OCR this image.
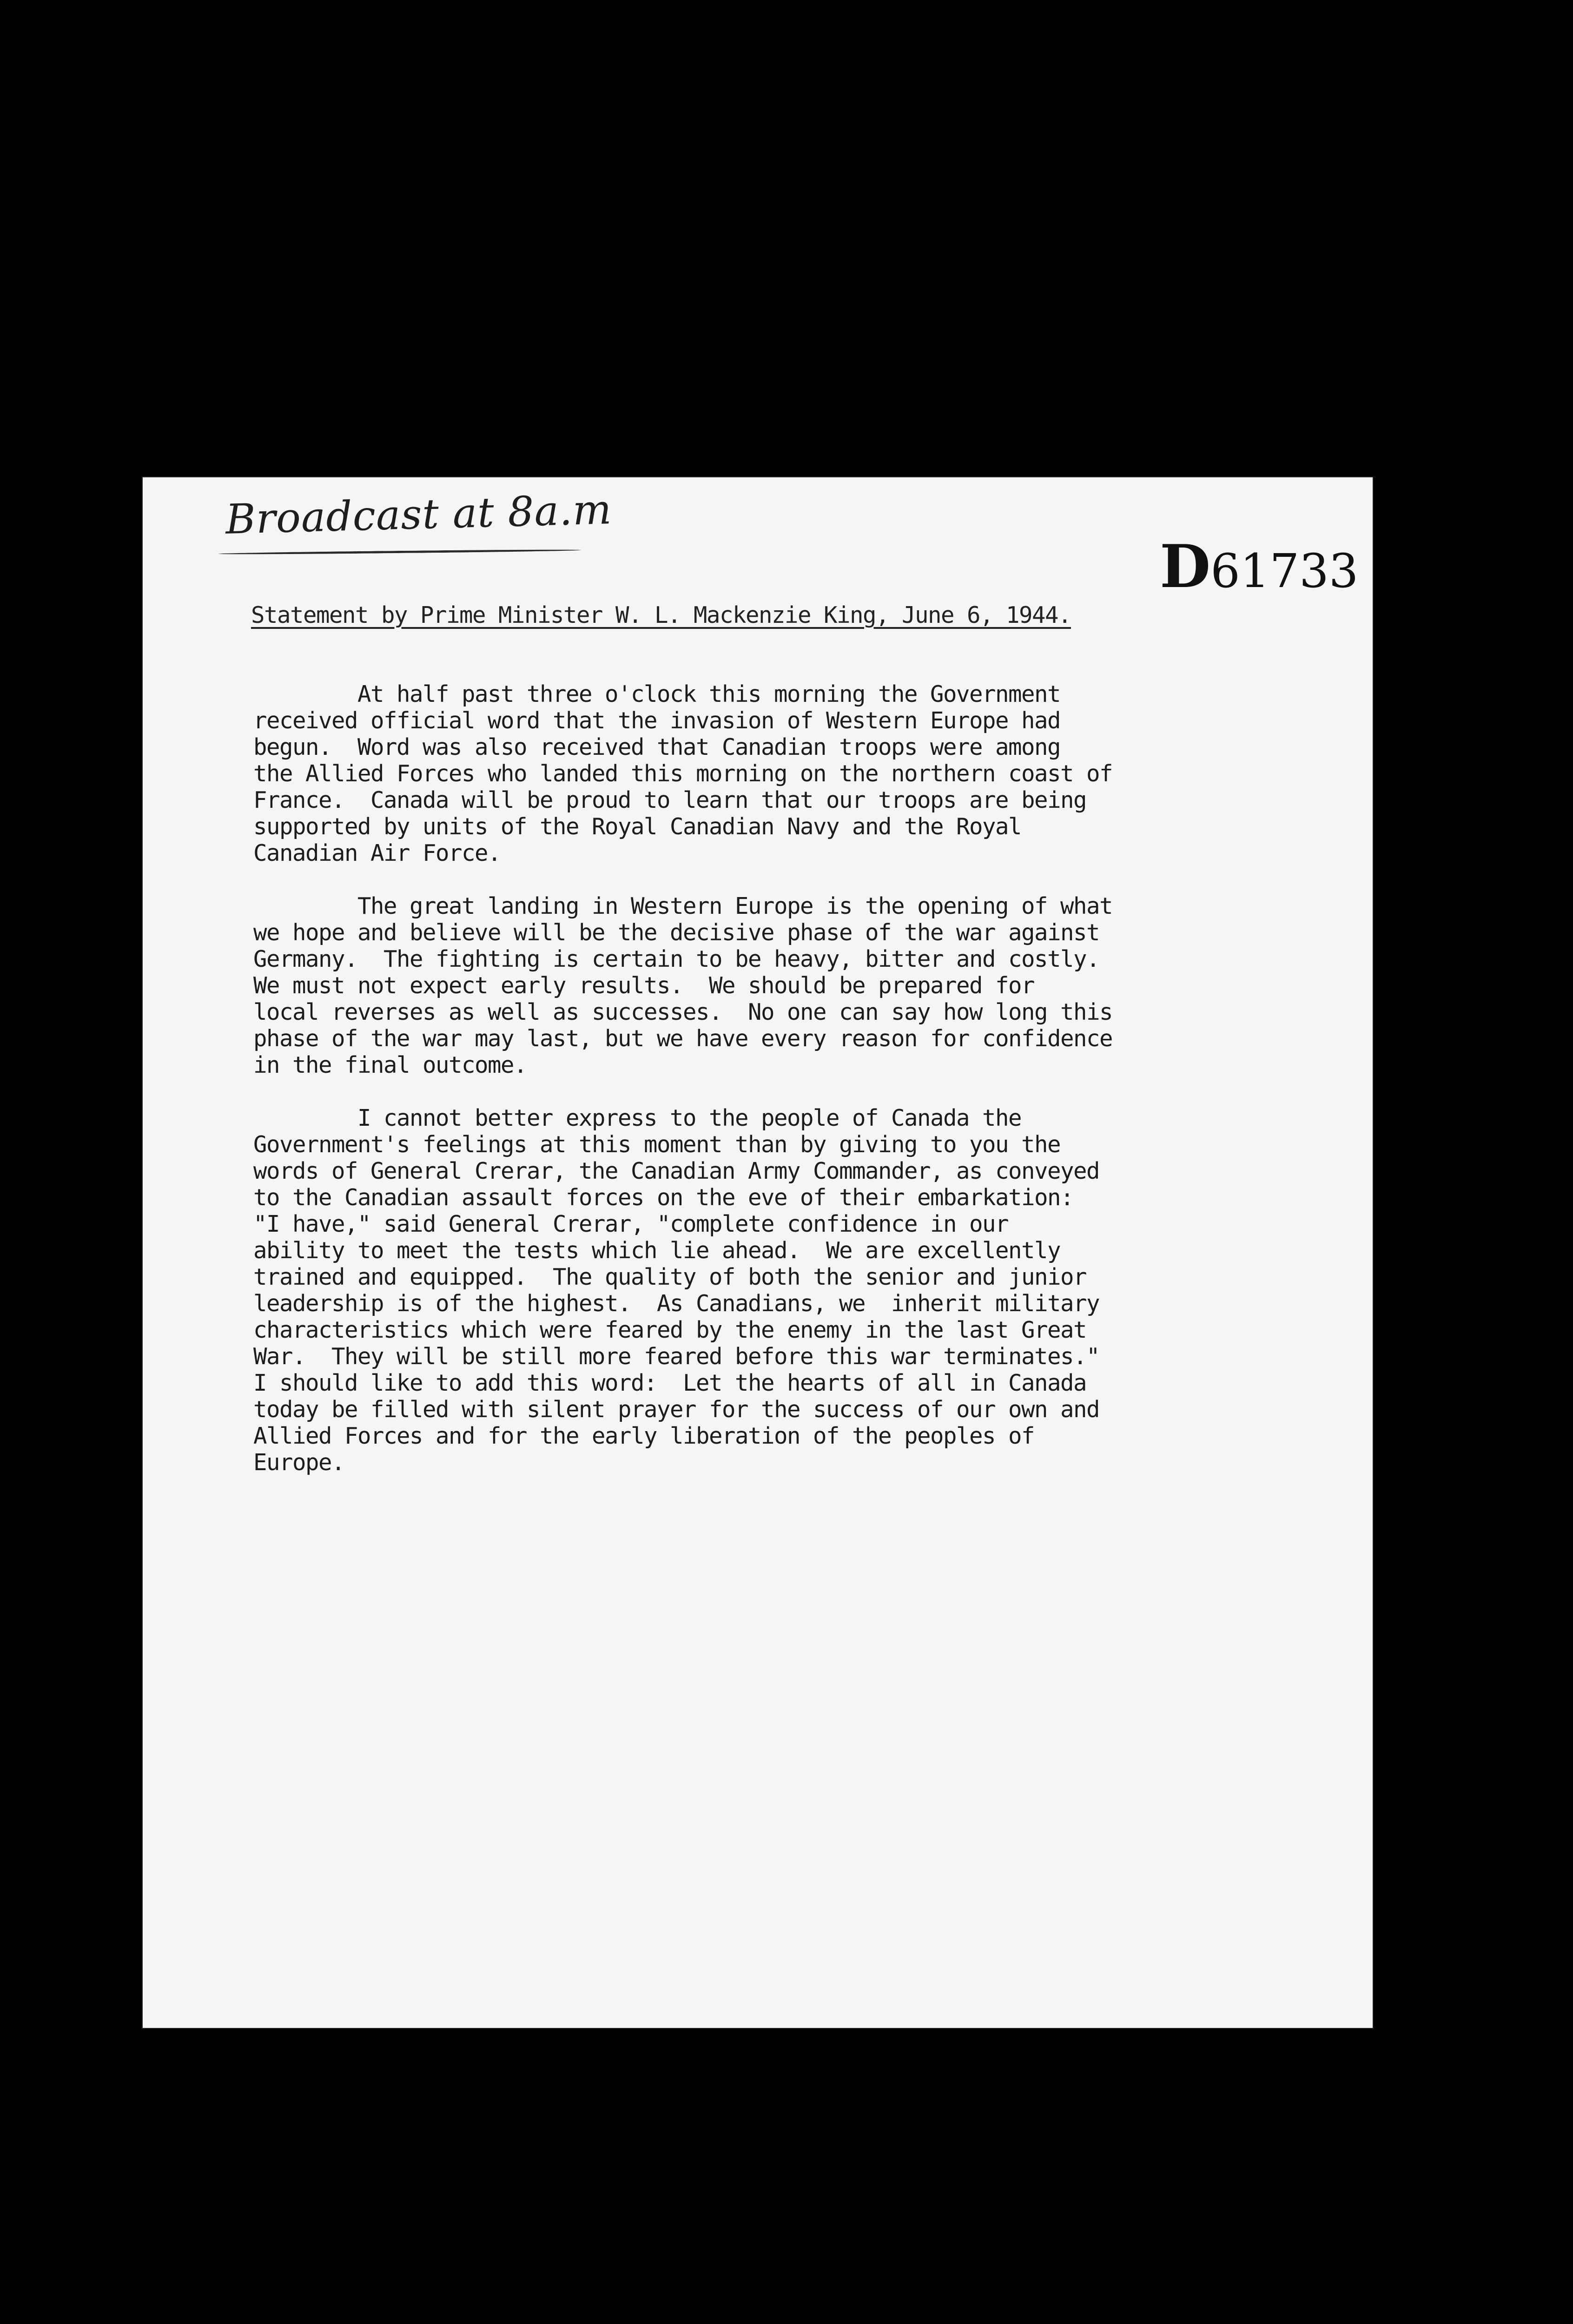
Broadcast at 8a.m
D61733
Statement by Prime Minister W. L. Mackenzie King, June 6, 1944.
At half past three o'clock this morning the Government
received official word that the invasion of Western Europe had
begun.  Word was also received that Canadian troops were among
the Allied Forces who landed this morning on the northern coast of
France.  Canada will be proud to learn that our troops are being
supported by units of the Royal Canadian Navy and the Royal
Canadian Air Force.
The great landing in Western Europe is the opening of what
we hope and believe will be the decisive phase of the war against
Germany.  The fighting is certain to be heavy, bitter and costly.
We must not expect early results.  We should be prepared for
local reverses as well as successes.  No one can say how long this
phase of the war may last, but we have every reason for confidence
in the final outcome.
I cannot better express to the people of Canada the
Government's feelings at this moment than by giving to you the
words of General Crerar, the Canadian Army Commander, as conveyed
to the Canadian assault forces on the eve of their embarkation:
"I have," said General Crerar, "complete confidence in our
ability to meet the tests which lie ahead.  We are excellently
trained and equipped.  The quality of both the senior and junior
leadership is of the highest.  As Canadians, we  inherit military
characteristics which were feared by the enemy in the last Great
War.  They will be still more feared before this war terminates."
I should like to add this word:  Let the hearts of all in Canada
today be filled with silent prayer for the success of our own and
Allied Forces and for the early liberation of the peoples of
Europe.
